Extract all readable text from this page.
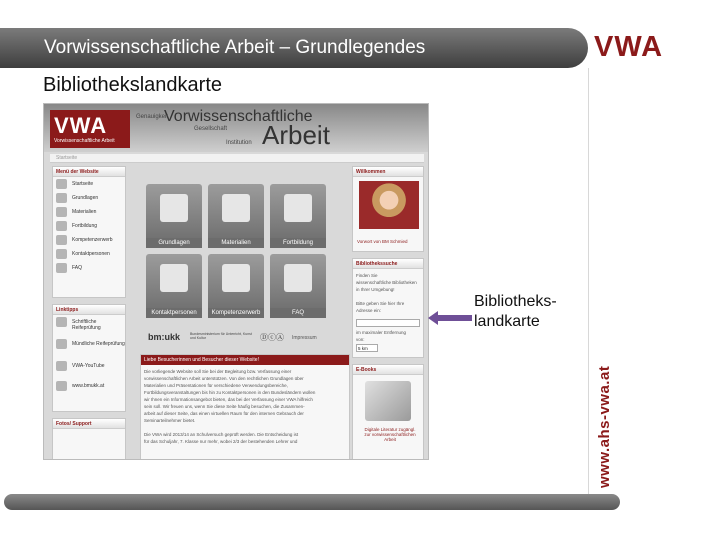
Vorwissenschaftliche Arbeit – Grundlegendes	VWA
Bibliothekslandkarte
www.ahs-vwa.at
VWA
Vorwissenschaftliche Arbeit
Vorwissenschaftliche
Arbeit
Genauigkeit
Gesellschaft
Institution
Startseite
Menü der Website
Startseite
Grundlagen
Materialien
Fortbildung
Kompetenzerwerb
Kontaktpersonen
FAQ
Linktipps
Schriftliche Reifeprüfung
Mündliche Reifeprüfung
VWA-YouTube
www.bmukk.at
Fotos/ Support
Grundlagen	Materialien	Fortbildung
Kontaktpersonen	Kompetenzerwerb	FAQ
bm:ukk	Bundesministerium für Unterricht, Kunst und Kultur	ⒹⓒⒶ Impressum
Liebe Besucherinnen und Besucher dieser Website!
Die vorliegende Website soll Sie bei der Begleitung bzw. Verfassung einer
vorwissenschaftlichen Arbeit unterstützen. Von den rechtlichen Grundlagen über
Materialien und Präsentationen für verschiedene Verwendungsbereiche,
Fortbildungsveranstaltungen bis hin zu Kontaktpersonen in den Bundesländern wollen
wir Ihnen ein Informationsangebot bieten, das bei der Verfassung einer VWA hilfreich
sein soll. Wir freuen uns, wenn Sie diese Seite häufig besuchen, die Zusammen-
arbeit auf dieser Seite, das einen virtuellen Raum für den internen Gebrauch der
Seminarteilnehmer bietet.

Die VWA wird 2013/14 an Schulversuch geprüft werden. Die Entscheidung ist
für das Schuljahr, 7. Klasse nur mehr, wobei 2/3 der bestehenden Lehrer und
Willkommen
Vorwort von BM Schmied
Bibliothekssuche
Finden Sie
wissenschaftliche Bibliotheken
in Ihrer Umgebung!

Bitte geben Sie hier Ihre
Adresse ein:
im maximaler Entfernung
von:
5 km
E-Books
Digitale Literatur zugängl.
zur vorwissenschaftlichen
Arbeit
Bibliotheks-
landkarte
